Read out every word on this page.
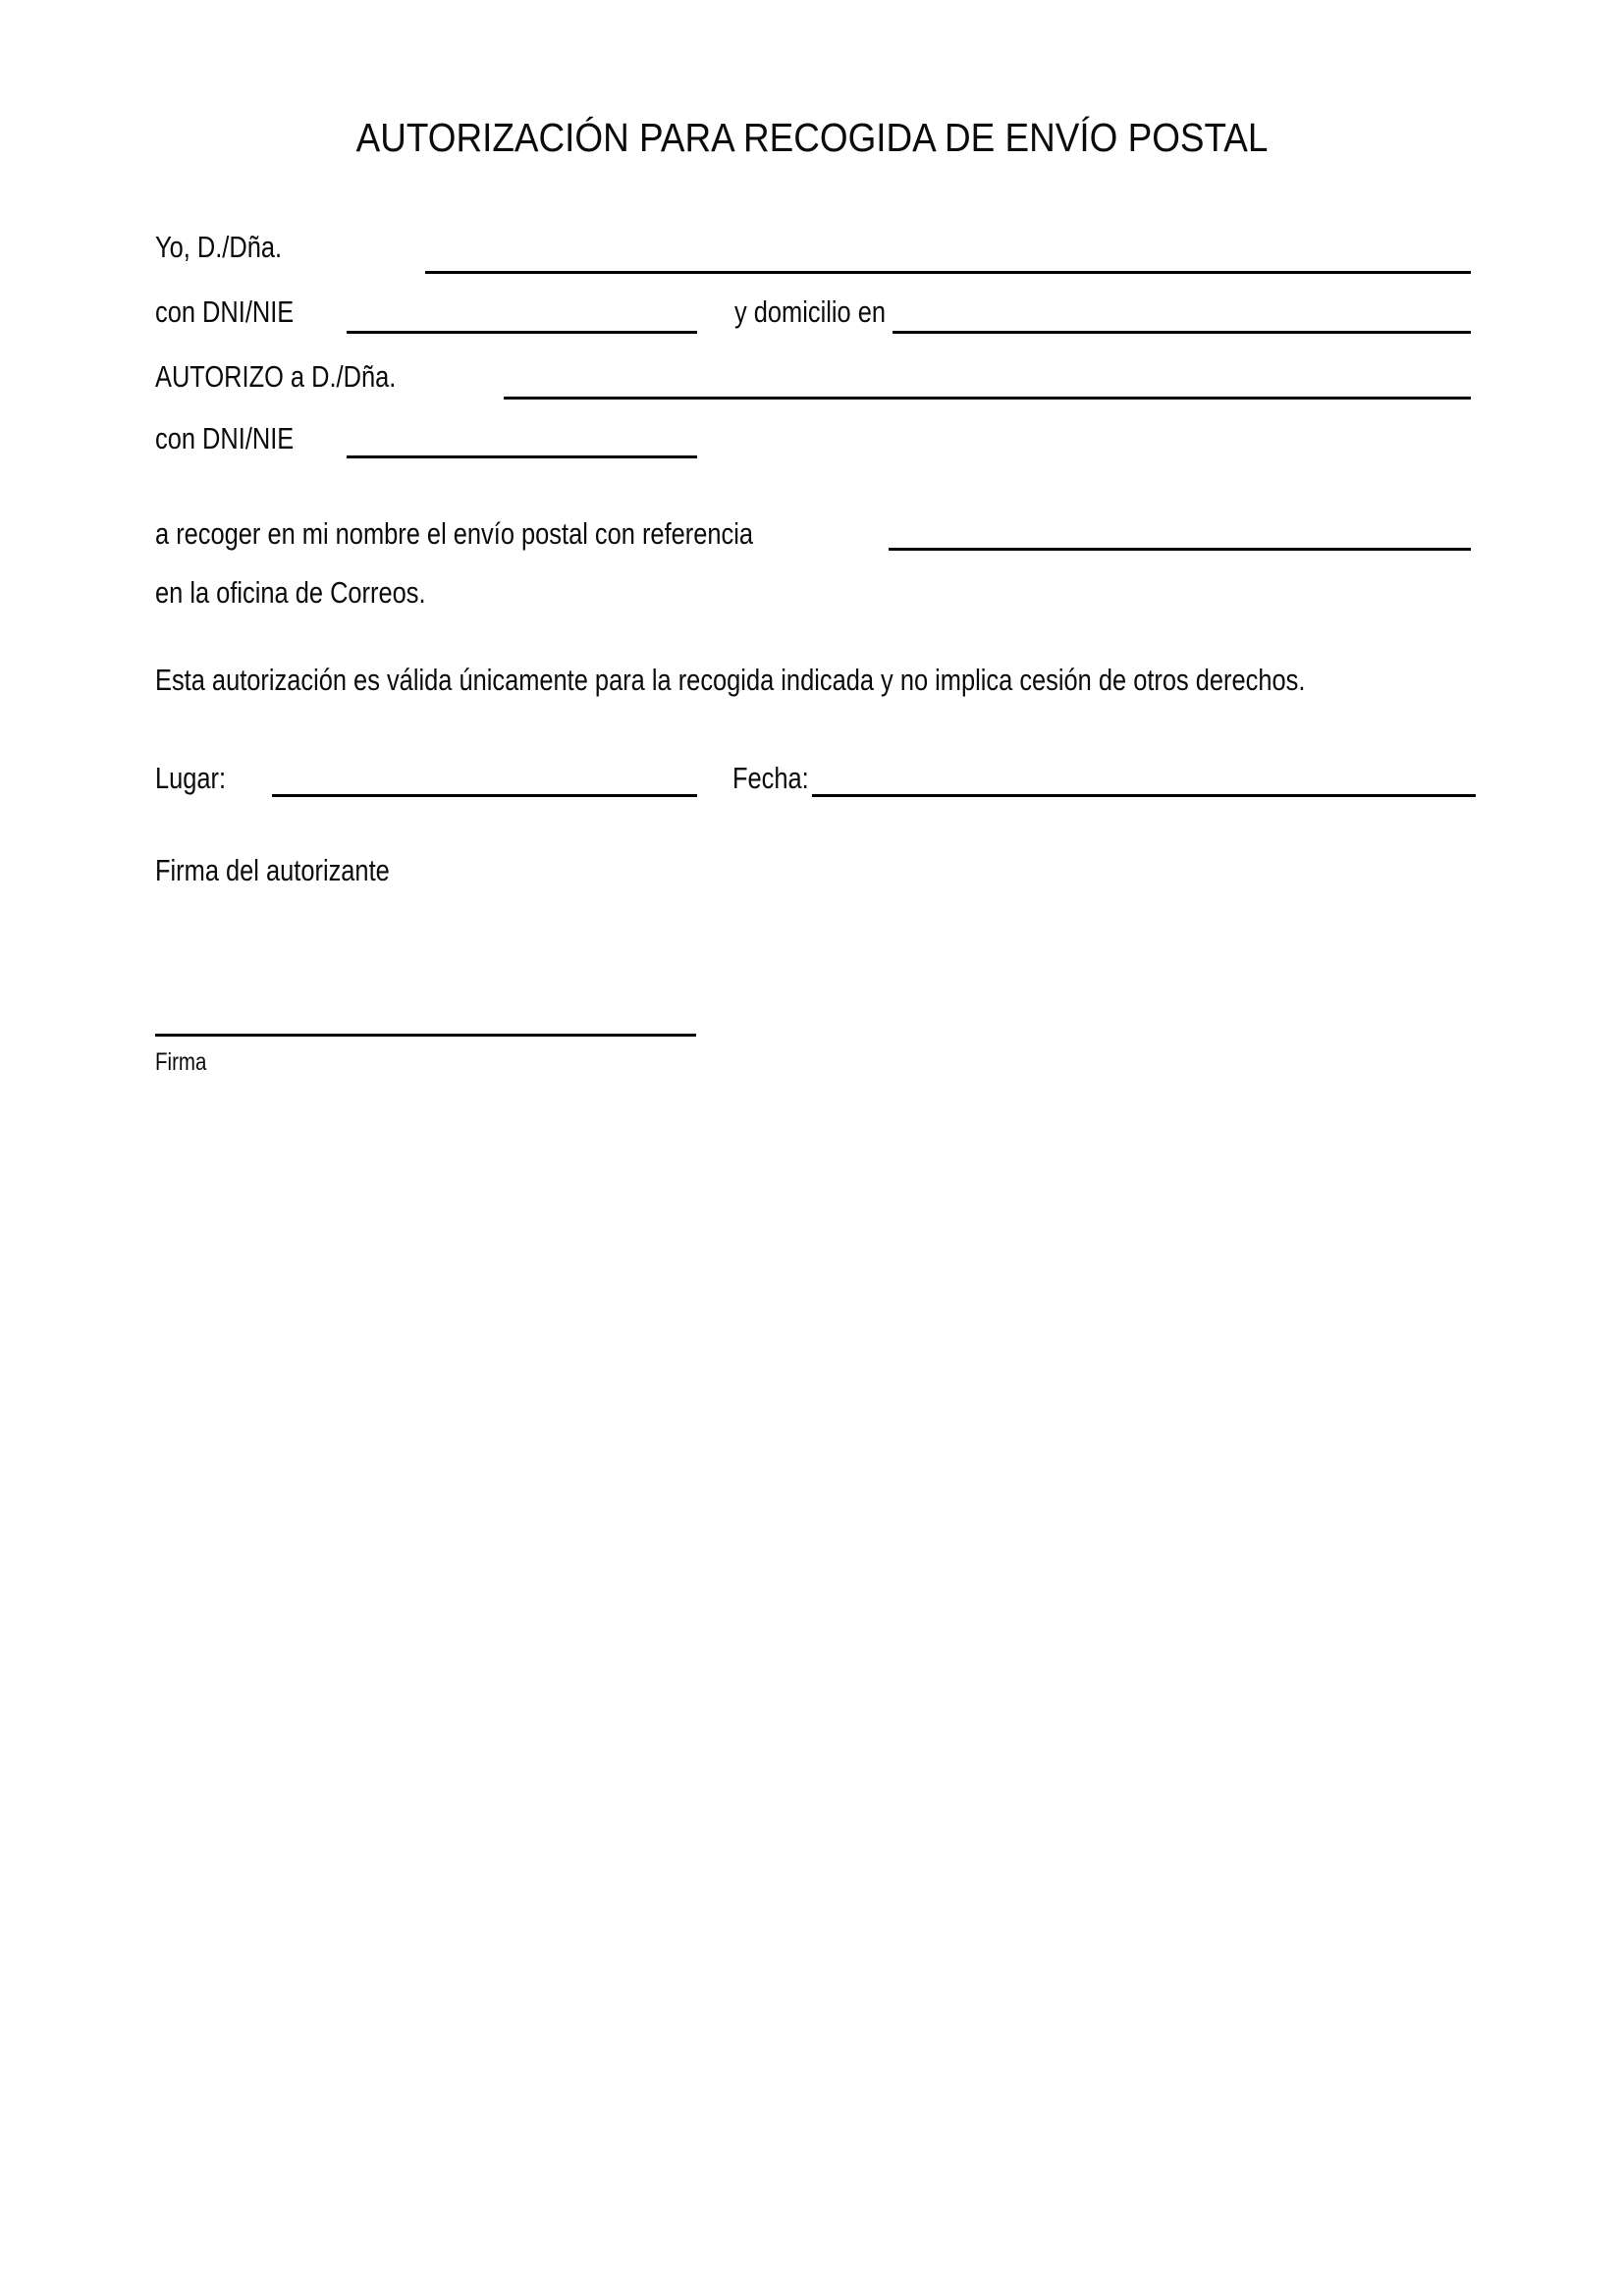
AUTORIZACIÓN PARA RECOGIDA DE ENVÍO POSTAL
Yo, D./Dña.
con DNI/NIE	y domicilio en
AUTORIZO a D./Dña.
con DNI/NIE
a recoger en mi nombre el envío postal con referencia
en la oficina de Correos.
Esta autorización es válida únicamente para la recogida indicada y no implica cesión de otros derechos.
Lugar:	Fecha:
Firma del autorizante
Firma
